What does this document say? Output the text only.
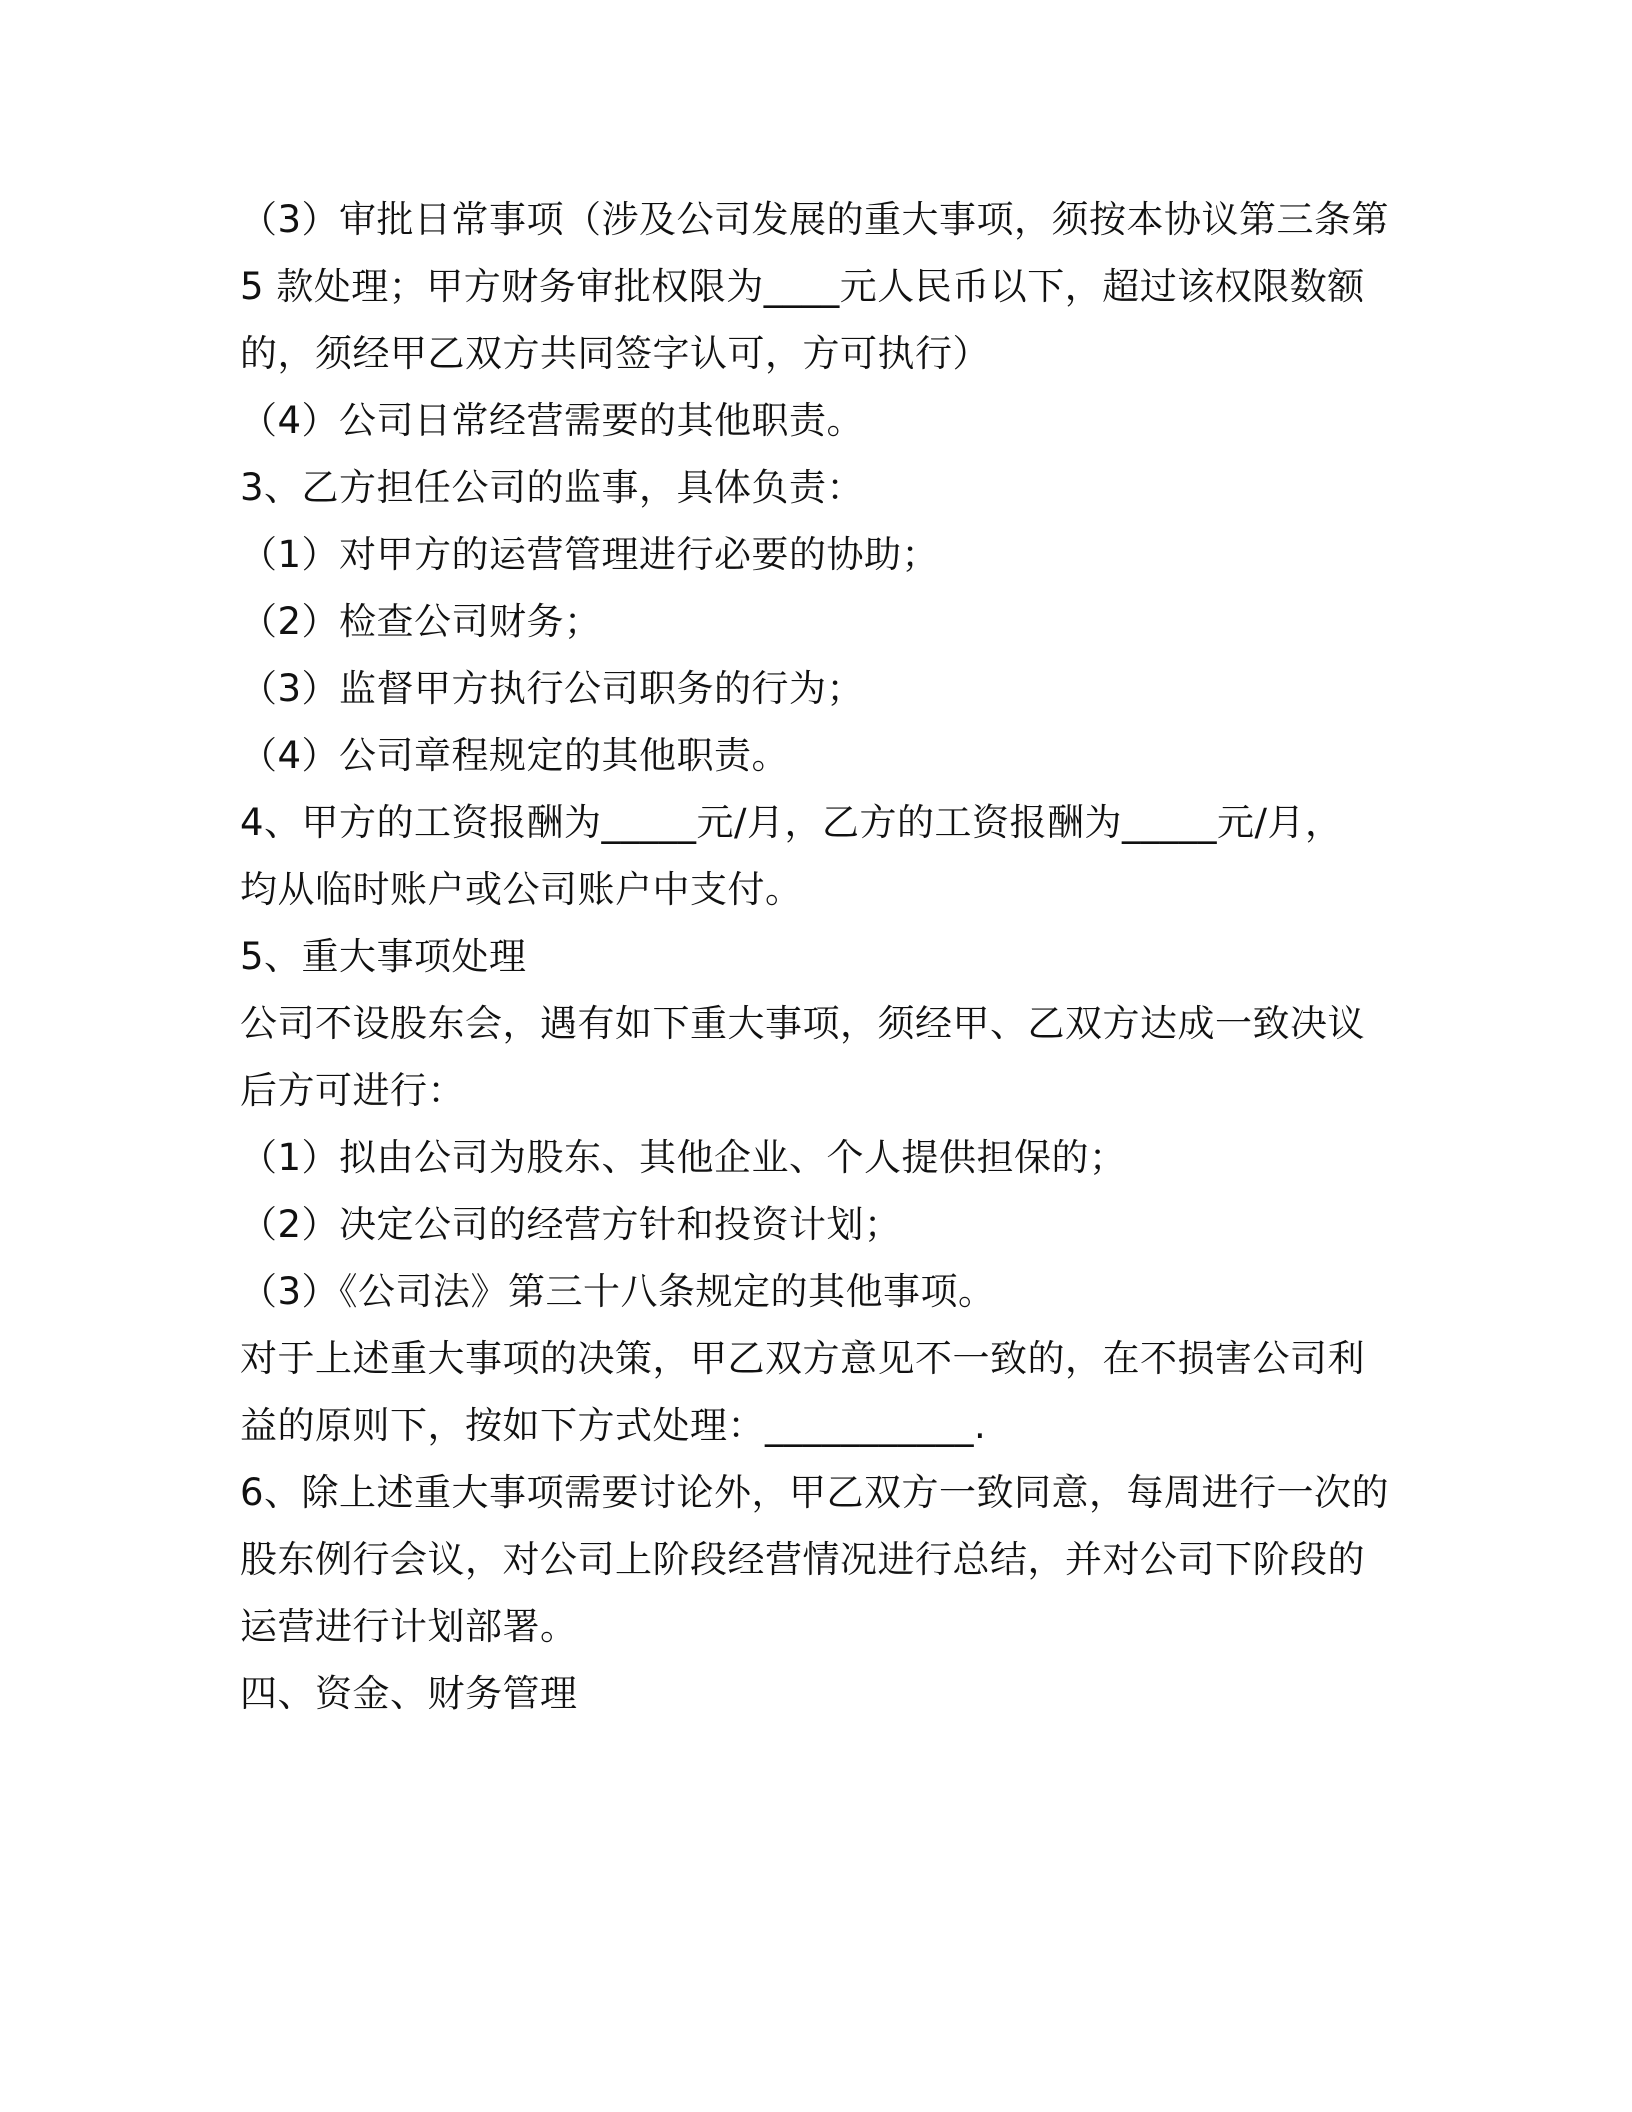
（3）审批日常事项（涉及公司发展的重大事项，须按本协议第三条第
5 款处理；甲方财务审批权限为____元人民币以下，超过该权限数额
的，须经甲乙双方共同签字认可，方可执行）
（4）公司日常经营需要的其他职责。
3、乙方担任公司的监事，具体负责：
（1）对甲方的运营管理进行必要的协助；
（2）检查公司财务；
（3）监督甲方执行公司职务的行为；
（4）公司章程规定的其他职责。
4、甲方的工资报酬为_____元/月，乙方的工资报酬为_____元/月，
均从临时账户或公司账户中支付。
5、重大事项处理
公司不设股东会，遇有如下重大事项，须经甲、乙双方达成一致决议
后方可进行：
（1）拟由公司为股东、其他企业、个人提供担保的；
（2）决定公司的经营方针和投资计划；
（3）《公司法》第三十八条规定的其他事项。
对于上述重大事项的决策，甲乙双方意见不一致的，在不损害公司利
益的原则下，按如下方式处理：___________.
6、除上述重大事项需要讨论外，甲乙双方一致同意，每周进行一次的
股东例行会议，对公司上阶段经营情况进行总结，并对公司下阶段的
运营进行计划部署。
四、资金、财务管理
